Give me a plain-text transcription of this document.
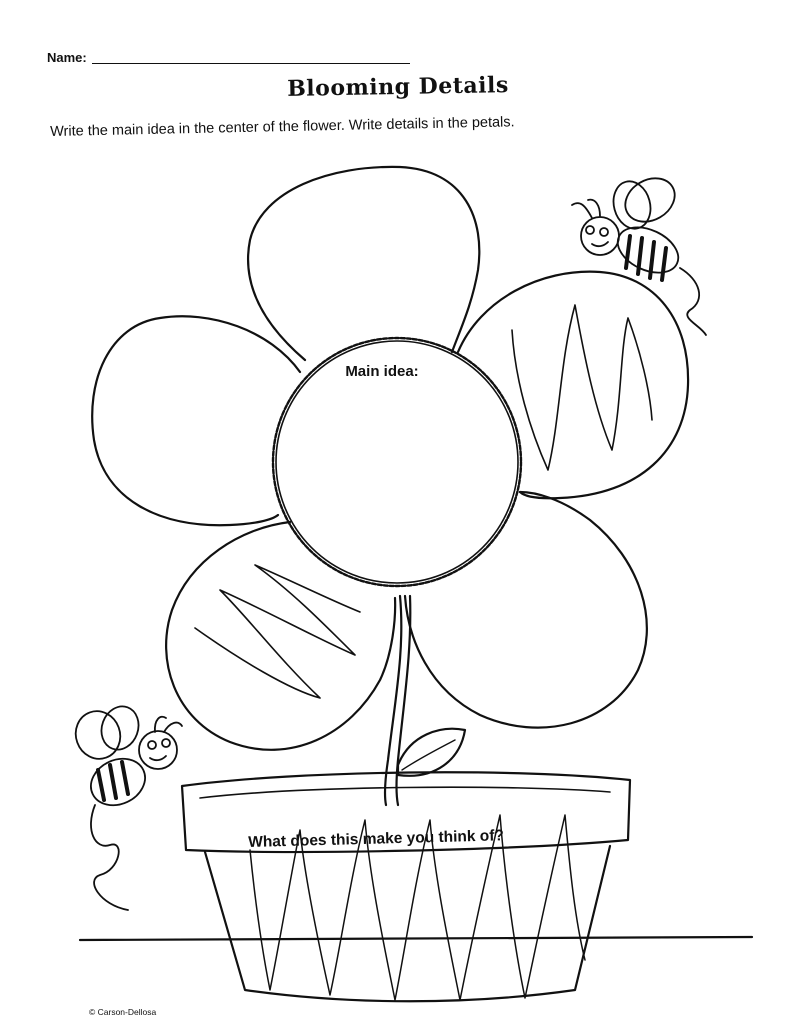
Name:
Blooming Details
Write the main idea in the center of the flower. Write details in the petals.
Main idea:
What does this make you think of?
© Carson-Dellosa
